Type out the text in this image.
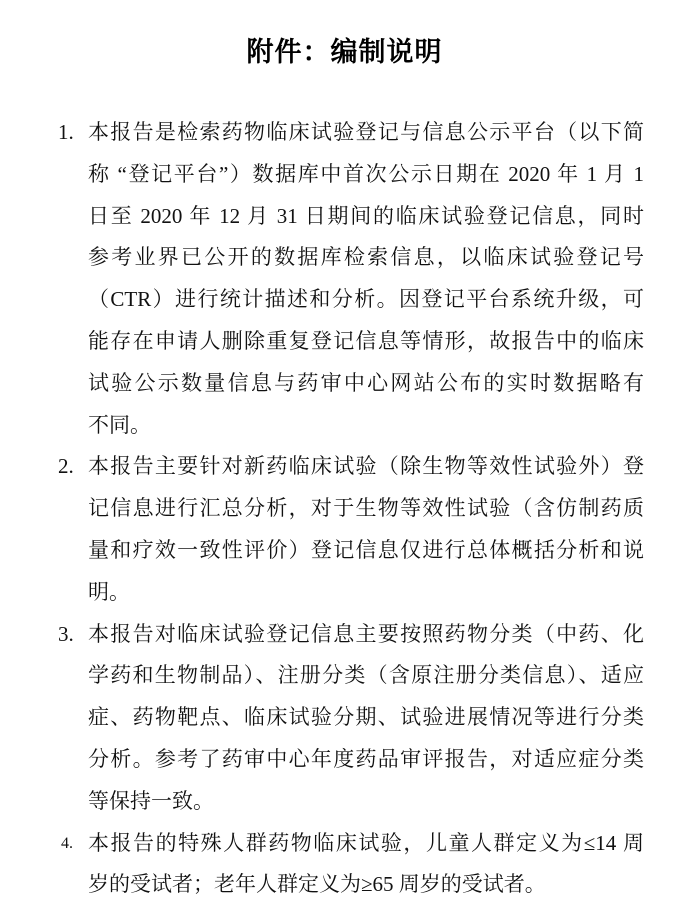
附件：编制说明
1. 本报告是检索药物临床试验登记与信息公示平台（以下简
称 “登记平台”）数据库中首次公示日期在 2020 年 1 月 1
日至 2020 年 12 月 31 日期间的临床试验登记信息，同时
参考业界已公开的数据库检索信息，以临床试验登记号
（CTR）进行统计描述和分析。因登记平台系统升级，可
能存在申请人删除重复登记信息等情形，故报告中的临床
试验公示数量信息与药审中心网站公布的实时数据略有
不同。
2. 本报告主要针对新药临床试验（除生物等效性试验外）登
记信息进行汇总分析，对于生物等效性试验（含仿制药质
量和疗效一致性评价）登记信息仅进行总体概括分析和说
明。
3. 本报告对临床试验登记信息主要按照药物分类（中药、化
学药和生物制品）、注册分类（含原注册分类信息）、适应
症、药物靶点、临床试验分期、试验进展情况等进行分类
分析。参考了药审中心年度药品审评报告，对适应症分类
等保持一致。
4. 本报告的特殊人群药物临床试验，儿童人群定义为≤14 周
岁的受试者；老年人群定义为≥65 周岁的受试者。
